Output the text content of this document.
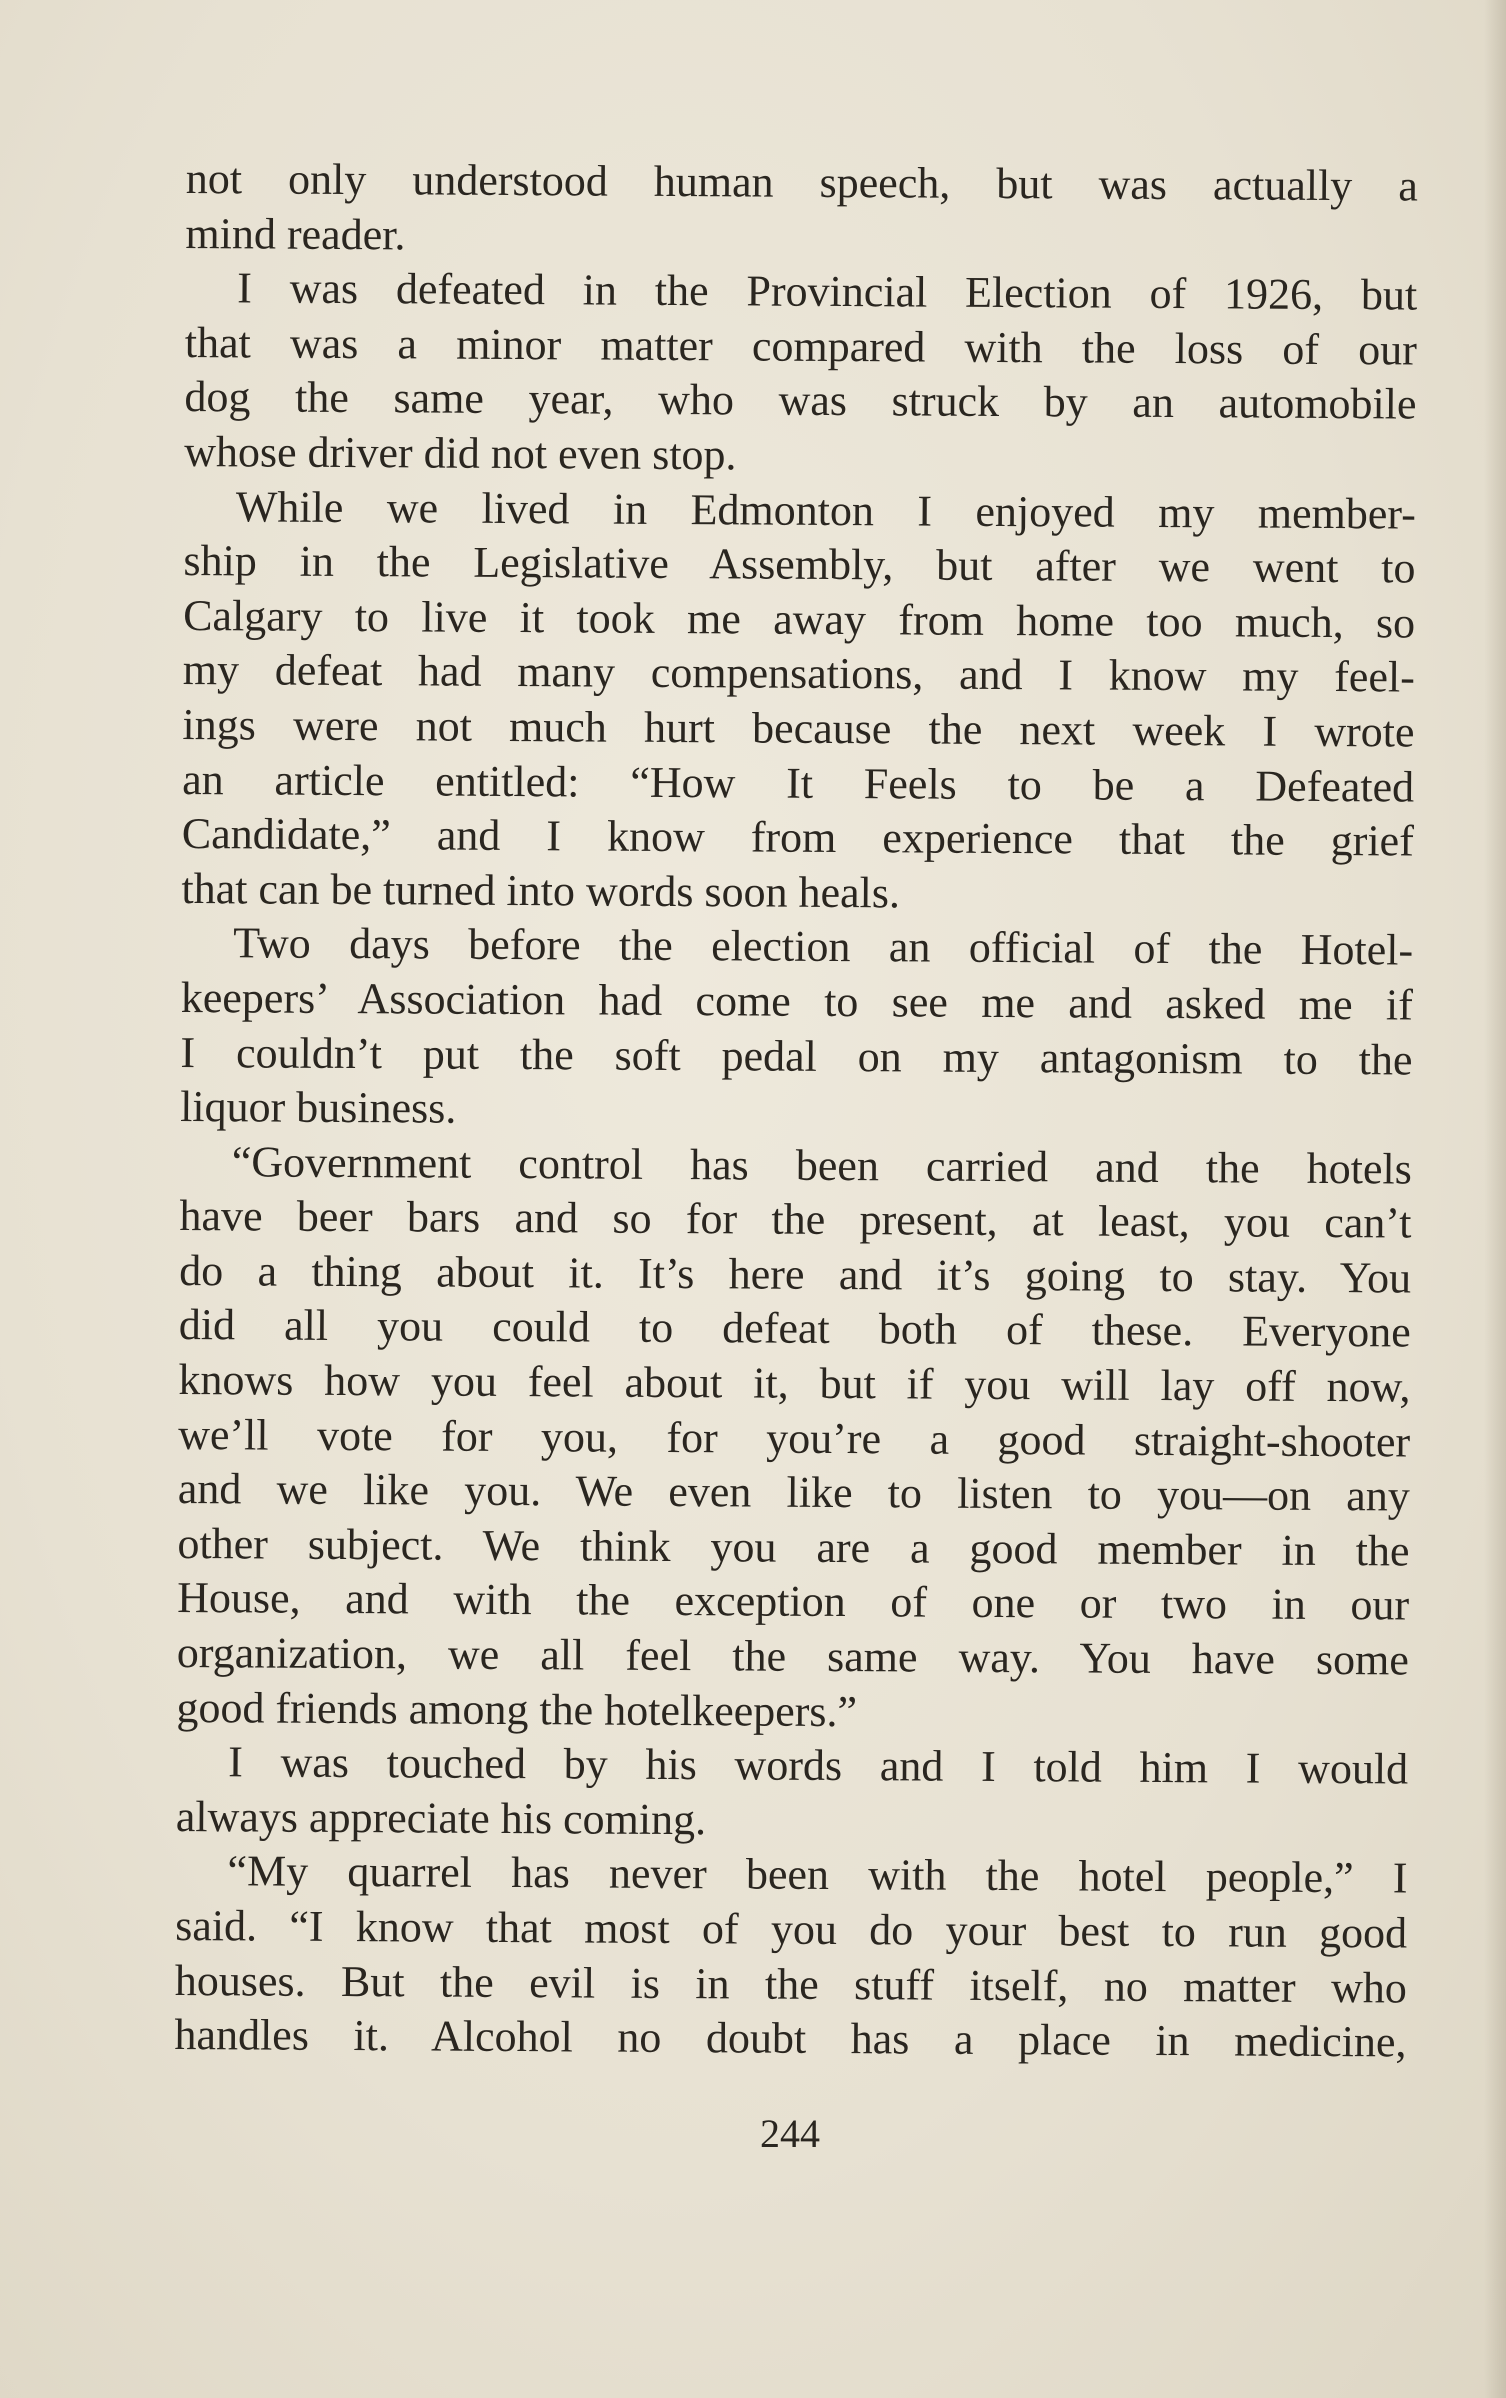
not only understood human speech, but was actually a
mind reader.
I was defeated in the Provincial Election of 1926, but
that was a minor matter compared with the loss of our
dog the same year, who was struck by an automobile
whose driver did not even stop.
While we lived in Edmonton I enjoyed my member-
ship in the Legislative Assembly, but after we went to
Calgary to live it took me away from home too much, so
my defeat had many compensations, and I know my feel-
ings were not much hurt because the next week I wrote
an article entitled: “How It Feels to be a Defeated
Candidate,” and I know from experience that the grief
that can be turned into words soon heals.
Two days before the election an official of the Hotel-
keepers’ Association had come to see me and asked me if
I couldn’t put the soft pedal on my antagonism to the
liquor business.
“Government control has been carried and the hotels
have beer bars and so for the present, at least, you can’t
do a thing about it. It’s here and it’s going to stay. You
did all you could to defeat both of these. Everyone
knows how you feel about it, but if you will lay off now,
we’ll vote for you, for you’re a good straight-shooter
and we like you. We even like to listen to you—on any
other subject. We think you are a good member in the
House, and with the exception of one or two in our
organization, we all feel the same way. You have some
good friends among the hotelkeepers.”
I was touched by his words and I told him I would
always appreciate his coming.
“My quarrel has never been with the hotel people,” I
said. “I know that most of you do your best to run good
houses. But the evil is in the stuff itself, no matter who
handles it. Alcohol no doubt has a place in medicine,
244
